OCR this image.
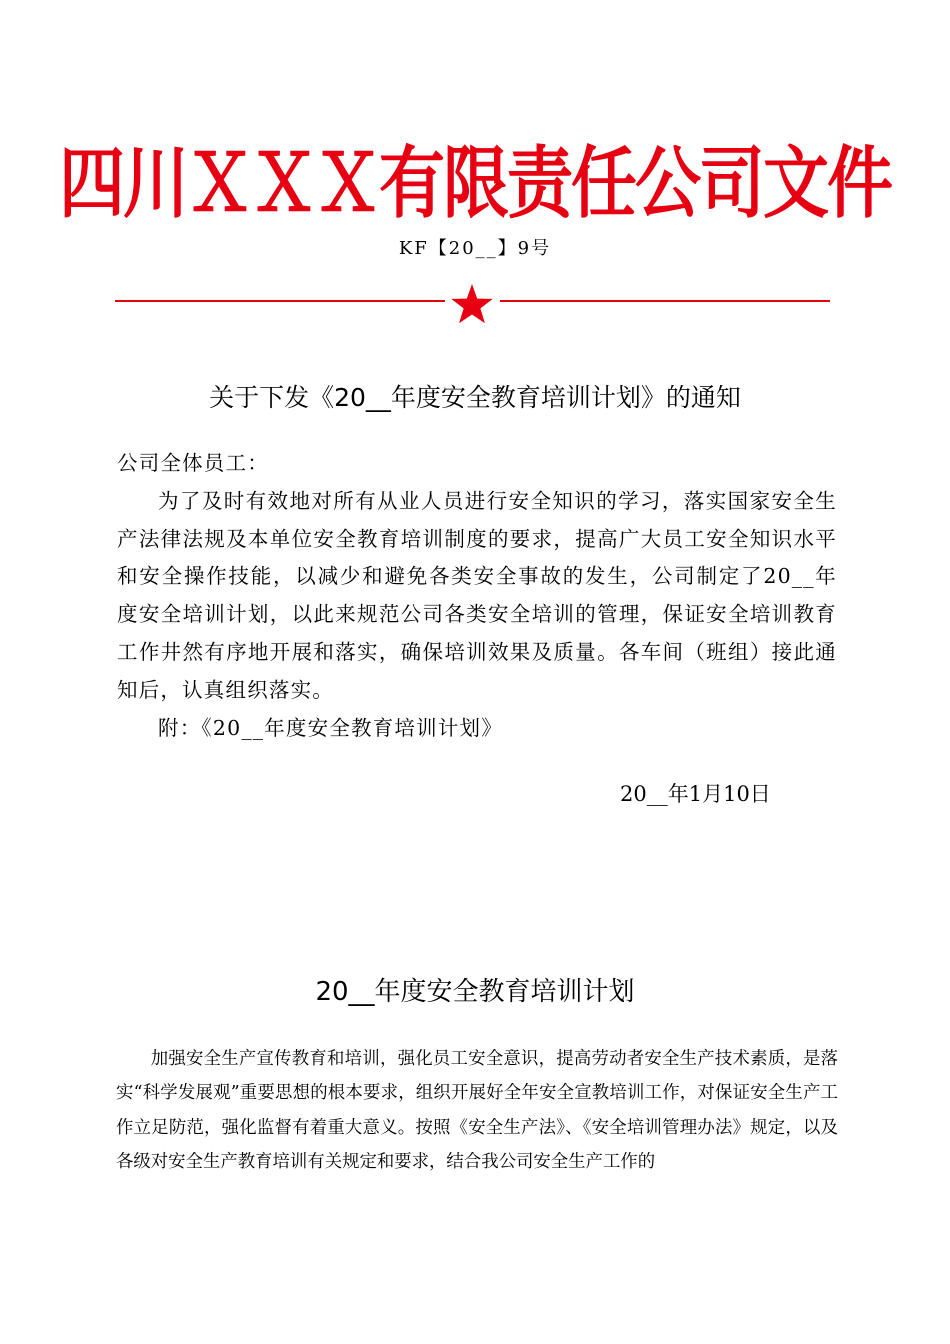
四川ＸＸＸ有限责任公司文件
KF【20__】9号
关于下发《20__年度安全教育培训计划》的通知

公司全体员工：

为了及时有效地对所有从业人员进行安全知识的学习，落实国家安全生产法律法规及本单位安全教育培训制度的要求，提高广大员工安全知识水平和安全操作技能，以减少和避免各类安全事故的发生，公司制定了20__年度安全培训计划，以此来规范公司各类安全培训的管理，保证安全培训教育工作井然有序地开展和落实，确保培训效果及质量。各车间（班组）接此通知后，认真组织落实。

附：《20__年度安全教育培训计划》

20__年1月10日
20__年度安全教育培训计划

加强安全生产宣传教育和培训，强化员工安全意识，提高劳动者安全生产技术素质，是落实“科学发展观”重要思想的根本要求，组织开展好全年安全宣教培训工作，对保证安全生产工作立足防范，强化监督有着重大意义。按照《安全生产法》、《安全培训管理办法》规定，以及各级对安全生产教育培训有关规定和要求，结合我公司安全生产工作的
